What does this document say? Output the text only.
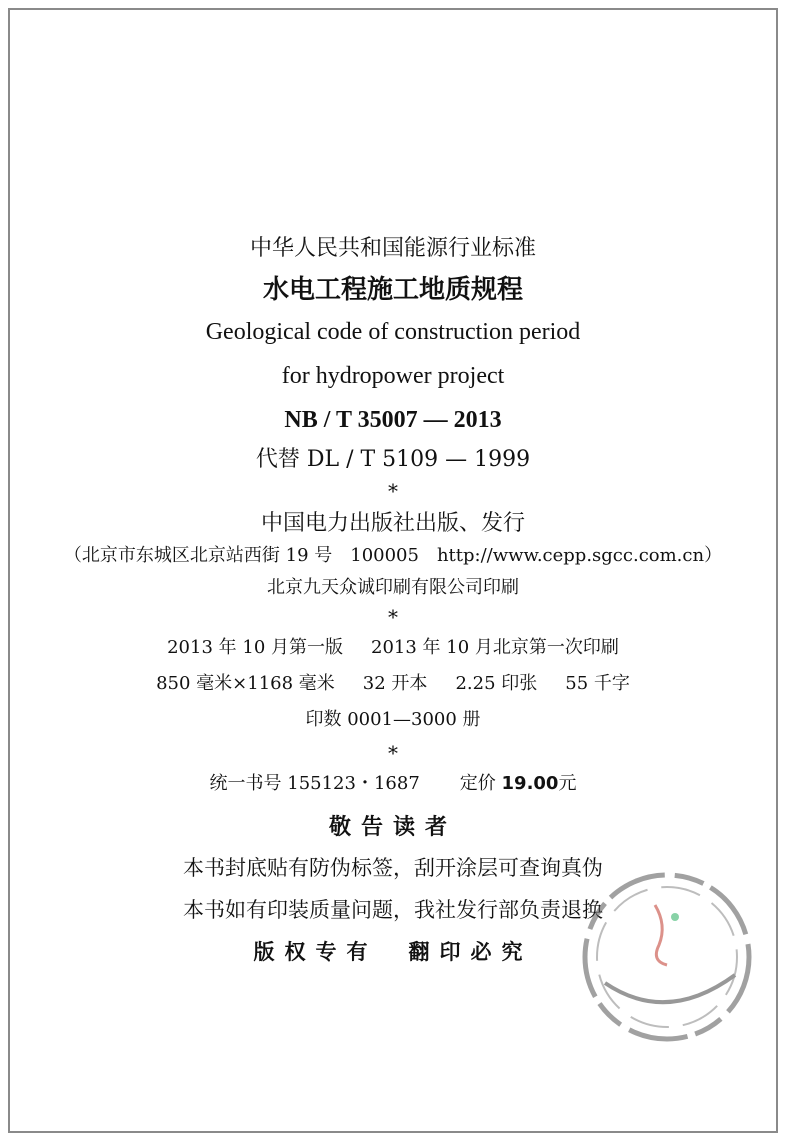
中华人民共和国能源行业标准
水电工程施工地质规程
Geological code of construction period
for hydropower project
NB / T 35007 — 2013
代替 DL / T 5109 — 1999
*
中国电力出版社出版、发行
（北京市东城区北京站西街 19 号　100005　http://www.cepp.sgcc.com.cn）
北京九天众诚印刷有限公司印刷
*
2013 年 10 月第一版 2013 年 10 月北京第一次印刷
850 毫米×1168 毫米 32 开本 2.25 印张 55 千字
印数 0001—3000 册
*
统一书号 155123・1687 定价 19.00元
敬告读者
本书封底贴有防伪标签，刮开涂层可查询真伪
本书如有印装质量问题，我社发行部负责退换
版权专有　翻印必究
